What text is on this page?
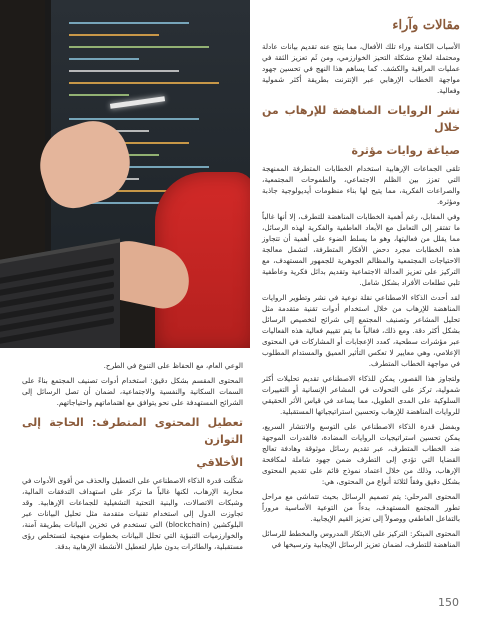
مقالات وآراء
الأسباب الكامنة وراء تلك الأفعال، مما ينتج عنه تقديم بيانات عادلة ومحتملة لعلاج مشكلة التحيز الخوارزمي، ومن ثَم تعزيز الثقة في عمليات المراقبة والكشف. كما يساهم هذا النهج في تحسين جهود مواجهة الخطاب الإرهابي عبر الإنترنت بطريقة أكثر شمولية وفعالية.
نشر الروايات المناهضة للإرهاب من خلال
صياغة روايات مؤثرة
تلقى الجماعات الإرهابية استخدام الخطابات المتطرفة الممنهجة التي تعزز بين الظلم الاجتماعي، والطموحات المجتمعية، والصراعات الفكرية، مما يتيح لها بناء منظومات أيديولوجية جاذبة ومؤثرة.
وفي المقابل، رغم أهمية الخطابات المناهضة للتطرف، إلا أنها غالباً ما تفتقر إلى التعامل مع الأبعاد العاطفية والفكرية لهذه الرسائل، مما يقلل من فعاليتها، وهو ما يسلط الضوء على أهمية أن تتجاوز هذه الخطابات مجرد دحض الأفكار المتطرفة، لتشمل معالجة الاحتياجات المجتمعية والمظالم الجوهرية للجمهور المستهدف، مع التركيز على تعزيز العدالة الاجتماعية وتقديم بدائل فكرية وعاطفية تلبي تطلعات الأفراد بشكل شامل.
لقد أحدث الذكاء الاصطناعي نقلة نوعية في نشر وتطوير الروايات المناهضة للإرهاب من خلال استخدام أدوات تقنية متقدمة مثل تحليل المشاعر وتصنيف المجتمع إلى شرائح لتخصيص الرسائل بشكل أكثر دقة. ومع ذلك، فغالباً ما يتم تقييم فعالية هذه الفعاليات عبر مؤشرات سطحية، كعدد الإعجابات أو المشاركات في المحتوى الإعلامي، وهي معايير لا تعكس التأثير العميق والمستدام المطلوب في مواجهة الخطاب المتطرف.
ولتجاوز هذا القصور، يمكن للذكاء الاصطناعي تقديم تحليلات أكثر شمولية، تركز على التحولات في المشاعر الإنسانية أو التغييرات السلوكية على المدى الطويل، مما يساعد في قياس الأثر الحقيقي للروايات المناهضة للإرهاب وتحسين استراتيجياتها المستقبلية.
وبفضل قدرة الذكاء الاصطناعي على التوسع والانتشار السريع، يمكن تحسين استراتيجيات الروايات المضادة، فالقدرات الموجهة ضد الخطاب المتطرف، عبر تقديم رسائل موثوقة وهادفة تعالج القضايا التي تؤدي إلى التطرف ضمن جهود شاملة لمكافحة الإرهاب، وذلك من خلال اعتماد نموذج قائم على تقديم المحتوى بشكل دقيق وفقاً لثلاثة أنواع من المحتوى، هي:
المحتوى المرحلي: يتم تصميم الرسائل بحيث تتماشى مع مراحل تطور المجتمع المستهدف، بدءاً من التوعية الأساسية مروراً بالتفاعل العاطفي ووصولاً إلى تعزيز القيم الإيجابية.
المحتوى المبتكر: التركيز على الابتكار المدروس والمخطط للرسائل المناهضة للتطرف، لضمان تعزيز الرسائل الإيجابية وترسيخها في
الوعي العام، مع الحفاظ على التنوع في الطرح.
المحتوى المقسم بشكل دقيق: استخدام أدوات تصنيف المجتمع بناءً على السمات السكانية والنفسية والاجتماعية، لضمان أن تصل الرسائل إلى الشرائح المستهدفة على نحو يتوافق مع اهتماماتهم واحتياجاتهم.
تعطيل المحتوى المتطرف: الحاجة إلى التوازن
الأخلاقي
شكّلت قدرة الذكاء الاصطناعي على التعطيل والحذف من أقوى الأدوات في محاربة الإرهاب، لكنها غالباً ما تركز على استهداف التدفقات المالية، وشبكات الاتصالات، والبنية التحتية التشغيلية للجماعات الإرهابية. وقد تجاوزت الدول إلى استخدام تقنيات متقدمة مثل تحليل البيانات عبر البلوكشين (blockchain) التي تستخدم في تخزين البيانات بطريقة آمنة، والخوارزميات التنبؤية التي تحلل البيانات بخطوات منهجية لتستخلص رؤى مستقبلية، والطائرات بدون طيار لتعطيل الأنشطة الإرهابية بدقة.
150
